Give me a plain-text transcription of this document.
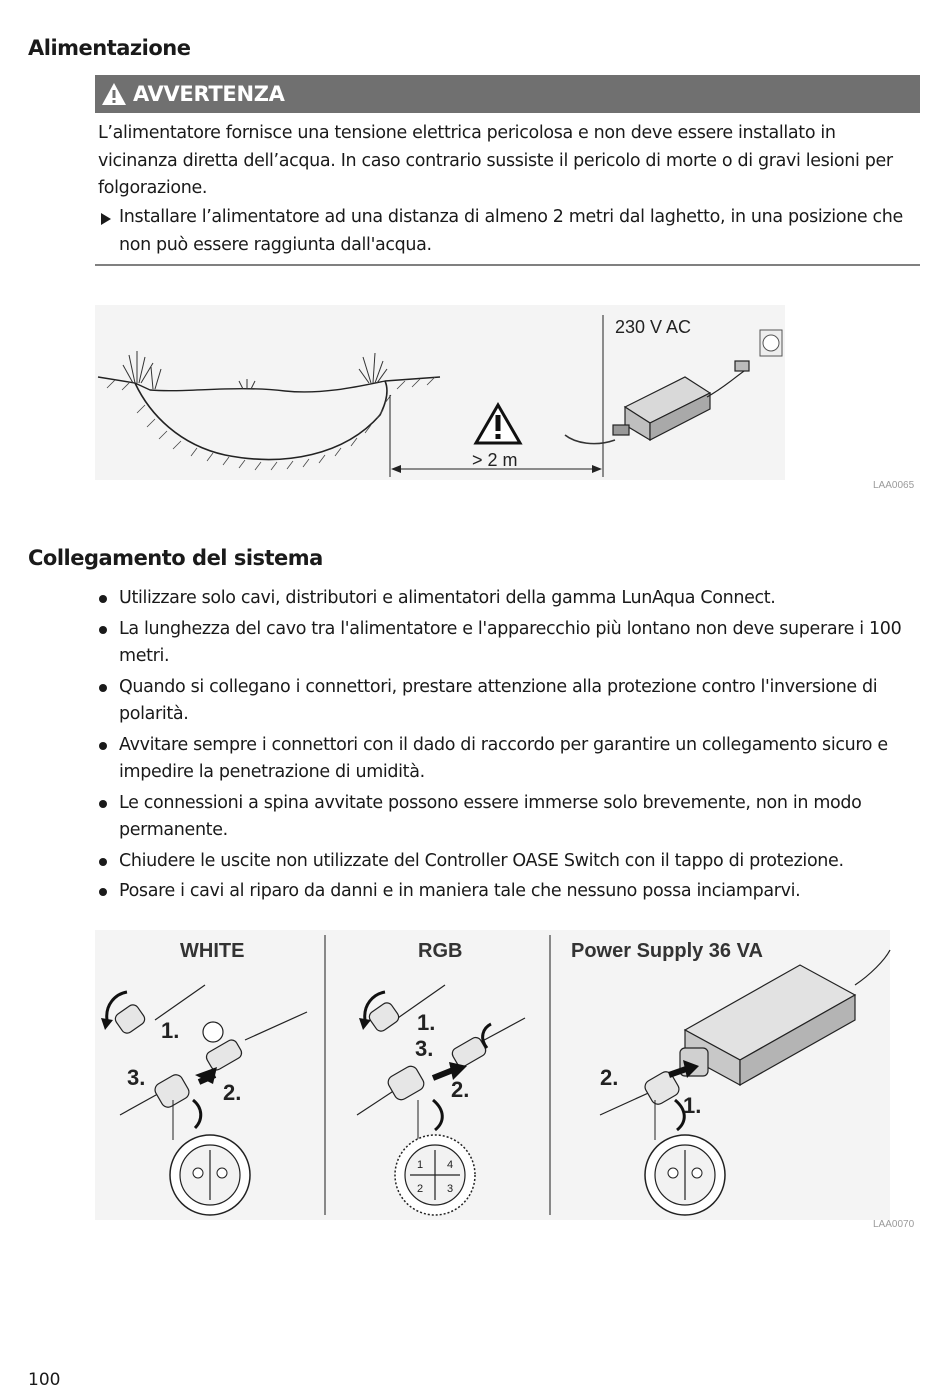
Alimentazione
AVVERTENZA

L’alimentatore fornisce una tensione elettrica pericolosa e non deve essere installato in vicinanza diretta dell’acqua. In caso contrario sussiste il pericolo di morte o di gravi lesioni per folgorazione.

Installare l’alimentatore ad una distanza di almeno 2 metri dal laghetto, in una posizione che non può essere raggiunta dall'acqua.
> 2 m
230 V AC
LAA0065
Collegamento del sistema
Utilizzare solo cavi, distributori e alimentatori della gamma LunAqua Connect.
La lunghezza del cavo tra l'alimentatore e l'apparecchio più lontano non deve superare i 100 metri.
Quando si collegano i connettori, prestare attenzione alla protezione contro l'inversione di polarità.
Avvitare sempre i connettori con il dado di raccordo per garantire un collegamento sicuro e impedire la penetrazione di umidità.
Le connessioni a spina avvitate possono essere immerse solo brevemente, non in modo permanente.
Chiudere le uscite non utilizzate del Controller OASE Switch con il tappo di protezione.
Posare i cavi al riparo da danni e in maniera tale che nessuno possa inciamparvi.
WHITE	RGB	Power Supply 36 VA
1.
2.
3.
1.
2.
3.
1
2 3
4
1.
2.
LAA0070
100
